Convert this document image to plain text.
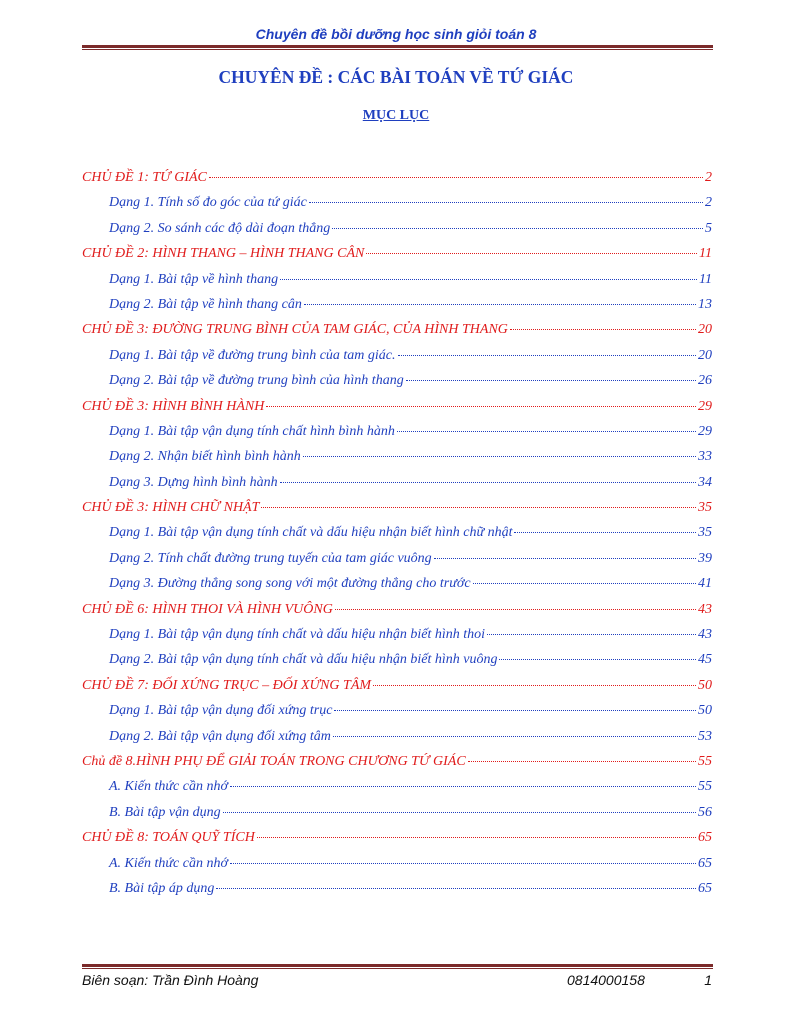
Chuyên đề bồi dưỡng học sinh giỏi toán 8
CHUYÊN ĐỀ : CÁC BÀI TOÁN VỀ TỨ GIÁC
MỤC LỤC
CHỦ ĐỀ 1: TỨ GIÁC	2
Dạng 1. Tính số đo góc của tứ giác	2
Dạng 2. So sánh các độ dài đoạn thẳng	5
CHỦ ĐỀ 2: HÌNH THANG – HÌNH THANG CÂN	11
Dạng 1. Bài tập về hình thang	11
Dạng 2. Bài tập về hình thang cân	13
CHỦ ĐỀ 3: ĐƯỜNG TRUNG BÌNH CỦA TAM GIÁC, CỦA HÌNH THANG	20
Dạng 1. Bài tập về đường trung bình của tam giác.	20
Dạng 2. Bài tập về đường trung bình của hình thang	26
CHỦ ĐỀ 3: HÌNH BÌNH HÀNH	29
Dạng 1. Bài tập vận dụng tính chất hình bình hành	29
Dạng 2. Nhận biết hình bình hành	33
Dạng 3. Dựng hình bình hành	34
CHỦ ĐỀ 3: HÌNH CHỮ NHẬT	35
Dạng 1. Bài tập vận dụng tính chất và dấu hiệu nhận biết hình chữ nhật	35
Dạng 2. Tính chất đường trung tuyến của tam giác vuông	39
Dạng 3. Đường thẳng song song với một đường thẳng cho trước	41
CHỦ ĐỀ 6: HÌNH THOI VÀ HÌNH VUÔNG	43
Dạng 1. Bài tập vận dụng tính chất và dấu hiệu nhận biết hình thoi	43
Dạng 2. Bài tập vận dụng tính chất và dấu hiệu nhận biết hình vuông	45
CHỦ ĐỀ 7: ĐỐI XỨNG TRỤC – ĐỐI XỨNG TÂM	50
Dạng 1. Bài tập vận dụng đối xứng trục	50
Dạng 2. Bài tập vận dụng đối xứng tâm	53
Chủ đề 8.HÌNH PHỤ ĐỂ GIẢI TOÁN TRONG CHƯƠNG TỨ GIÁC	55
A. Kiến thức cần nhớ	55
B. Bài tập vận dụng	56
CHỦ ĐỀ 8: TOÁN QUỸ TÍCH	65
A. Kiến thức cần nhớ	65
B. Bài tập áp dụng	65
Biên soạn: Trần Đình Hoàng	0814000158	1
